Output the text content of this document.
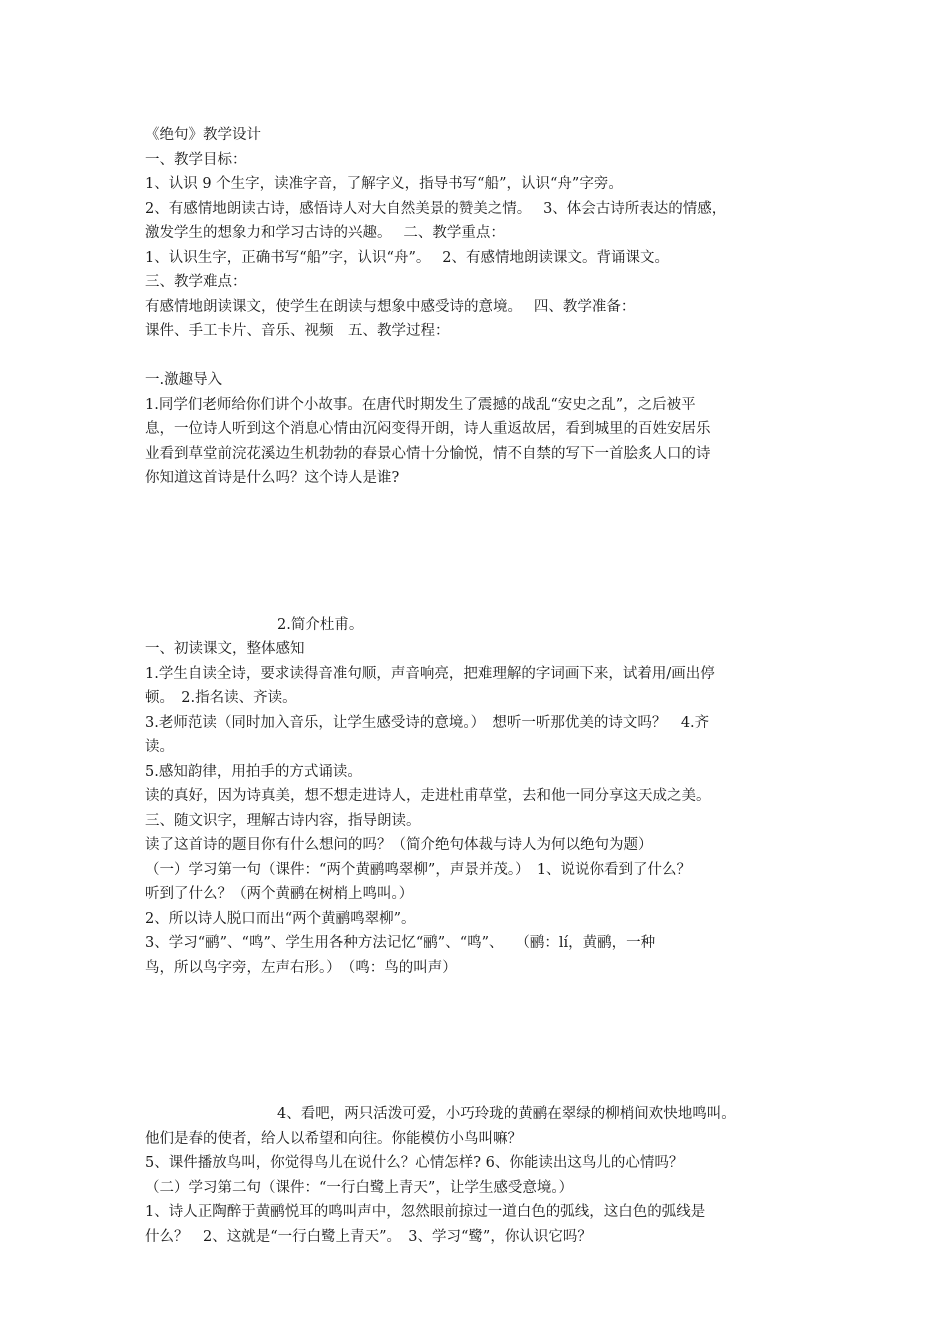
《绝句》教学设计
一、教学目标：
1、认识 9 个生字，读准字音，了解字义，指导书写“船”，认识“舟”字旁。
2、有感情地朗读古诗，感悟诗人对大自然美景的赞美之情。　 3、体会古诗所表达的情感，
激发学生的想象力和学习古诗的兴趣。　 二、教学重点：
1、认识生字，正确书写“船”字，认识“舟”。　 2、有感情地朗读课文。背诵课文。
三、教学难点：
有感情地朗读课文，使学生在朗读与想象中感受诗的意境。　 四、教学准备：
课件、手工卡片、音乐、视频　五、教学过程：
一.激趣导入
1.同学们老师给你们讲个小故事。在唐代时期发生了震撼的战乱“安史之乱”，之后被平
息，一位诗人听到这个消息心情由沉闷变得开朗，诗人重返故居，看到城里的百姓安居乐
业看到草堂前浣花溪边生机勃勃的春景心情十分愉悦，情不自禁的写下一首脍炙人口的诗
你知道这首诗是什么吗？这个诗人是谁?
2.简介杜甫。
一、初读课文，整体感知
1.学生自读全诗，要求读得音准句顺，声音响亮，把难理解的字词画下来，试着用/画出停
顿。　2.指名读、齐读。
3.老师范读（同时加入音乐，让学生感受诗的意境。）　想听一听那优美的诗文吗？　4.齐
读。
5.感知韵律，用拍手的方式诵读。
读的真好，因为诗真美，想不想走进诗人，走进杜甫草堂，去和他一同分享这天成之美。
三、随文识字，理解古诗内容，指导朗读。
读了这首诗的题目你有什么想问的吗？（简介绝句体裁与诗人为何以绝句为题）
（一）学习第一句（课件：“两个黄鹂鸣翠柳”，声景并茂。）　1、说说你看到了什么？
听到了什么？（两个黄鹂在树梢上鸣叫。）
2、所以诗人脱口而出“两个黄鹂鸣翠柳”。
3、学习“鹂”、“鸣”、学生用各种方法记忆“鹂”、“鸣”、　 （鹂：lí，黄鹂，一种
鸟，所以鸟字旁，左声右形。）　（鸣：鸟的叫声）
4、看吧，两只活泼可爱，小巧玲珑的黄鹂在翠绿的柳梢间欢快地鸣叫。
他们是春的使者，给人以希望和向往。你能模仿小鸟叫嘛？
5、课件播放鸟叫，你觉得鸟儿在说什么？心情怎样? 6、你能读出这鸟儿的心情吗？
（二）学习第二句（课件：“一行白鹭上青天”，让学生感受意境。）
1、诗人正陶醉于黄鹂悦耳的鸣叫声中，忽然眼前掠过一道白色的弧线，这白色的弧线是
什么？　2、这就是“一行白鹭上青天”。　3、学习“鹭”，你认识它吗？
